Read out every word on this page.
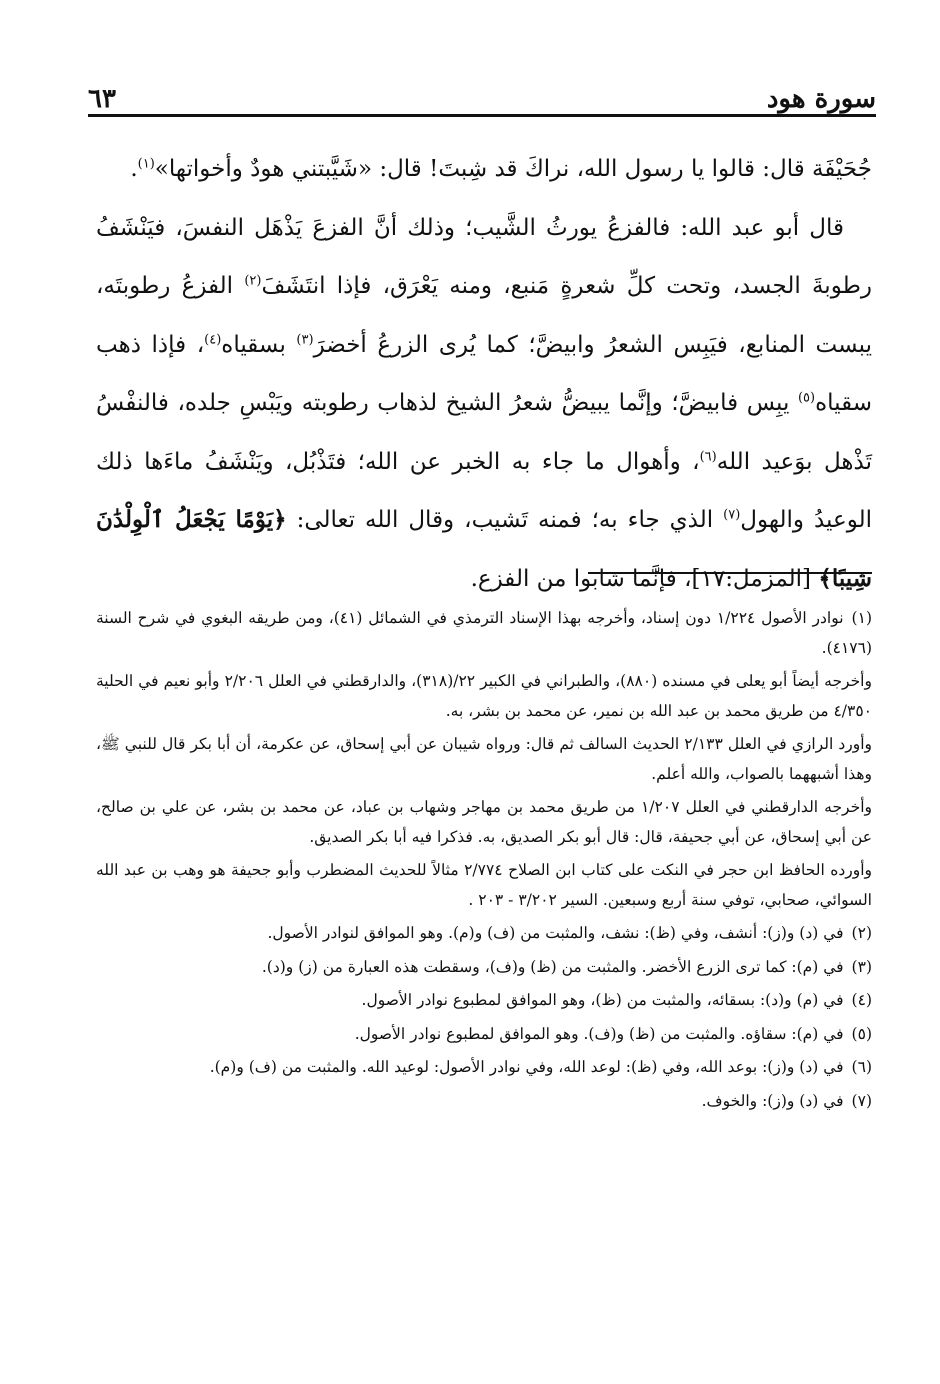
سورة هود
٦٣

جُحَيْفَة قال: قالوا يا رسول الله، نراكَ قد شِبتَ! قال: «شَيَّبتني هودٌ وأخواتها»$^{(١)}$.

قال أبو عبد الله: فالفزعُ يورثُ الشَّيب؛ وذلك أنَّ الفزعَ يَذْهَل النفسَ، فيَنْشَفُ رطوبةَ الجسد، وتحت كلِّ شعرةٍ مَنبع، ومنه يَعْرَق، فإذا انتَشَفَ$^{(٢)}$ الفزعُ رطوبتَه، يبست المنابع، فيَبِس الشعرُ وابيضَّ؛ كما يُرى الزرعُ أخضرَ$^{(٣)}$ بسقياه$^{(٤)}$، فإذا ذهب سقياه$^{(٥)}$ يبِس فابيضَّ؛ وإنَّما يبيضُّ شعرُ الشيخ لذهاب رطوبته ويَبْسِ جلده، فالنفْسُ تَذْهل بوَعيد الله$^{(٦)}$، وأهوال ما جاء به الخبر عن الله؛ فتَذْبُل، ويَنْشَفُ ماءَها ذلك الوعيدُ والهول$^{(٧)}$ الذي جاء به؛ فمنه تَشيب، وقال الله تعالى: ﴿يَوْمًا يَجْعَلُ ٱلْوِلْدَٰنَ شِيبًا﴾ [المزمل:١٧]، فإنَّما شابوا من الفزع.

(١)نوادر الأصول ١/٢٢٤ دون إسناد، وأخرجه بهذا الإسناد الترمذي في الشمائل (٤١)، ومن طريقه البغوي في شرح السنة (٤١٧٦).

وأخرجه أيضاً أبو يعلى في مسنده (٨٨٠)، والطبراني في الكبير ٢٢/(٣١٨)، والدارقطني في العلل ٢/٢٠٦ وأبو نعيم في الحلية ٤/٣٥٠ من طريق محمد بن عبد الله بن نمير، عن محمد بن بشر، به.

وأورد الرازي في العلل ٢/١٣٣ الحديث السالف ثم قال: ورواه شيبان عن أبي إسحاق، عن عكرمة، أن أبا بكر قال للنبي ﷺ، وهذا أشبههما بالصواب، والله أعلم.

وأخرجه الدارقطني في العلل ١/٢٠٧ من طريق محمد بن مهاجر وشهاب بن عباد، عن محمد بن بشر، عن علي بن صالح، عن أبي إسحاق، عن أبي جحيفة، قال: قال أبو بكر الصديق، به. فذكرا فيه أبا بكر الصديق.

وأورده الحافظ ابن حجر في النكت على كتاب ابن الصلاح ٢/٧٧٤ مثالاً للحديث المضطرب وأبو جحيفة هو وهب بن عبد الله السوائي، صحابي، توفي سنة أربع وسبعين. السير ٣/٢٠٢ - ٢٠٣ .

(٢)في (د) و(ز): أنشف، وفي (ظ): نشف، والمثبت من (ف) و(م). وهو الموافق لنوادر الأصول.

(٣)في (م): كما ترى الزرع الأخضر. والمثبت من (ظ) و(ف)، وسقطت هذه العبارة من (ز) و(د).

(٤)في (م) و(د): بسقائه، والمثبت من (ظ)، وهو الموافق لمطبوع نوادر الأصول.

(٥)في (م): سقاؤه. والمثبت من (ظ) و(ف). وهو الموافق لمطبوع نوادر الأصول.

(٦)في (د) و(ز): بوعد الله، وفي (ظ): لوعد الله، وفي نوادر الأصول: لوعيد الله. والمثبت من (ف) و(م).

(٧)في (د) و(ز): والخوف.
